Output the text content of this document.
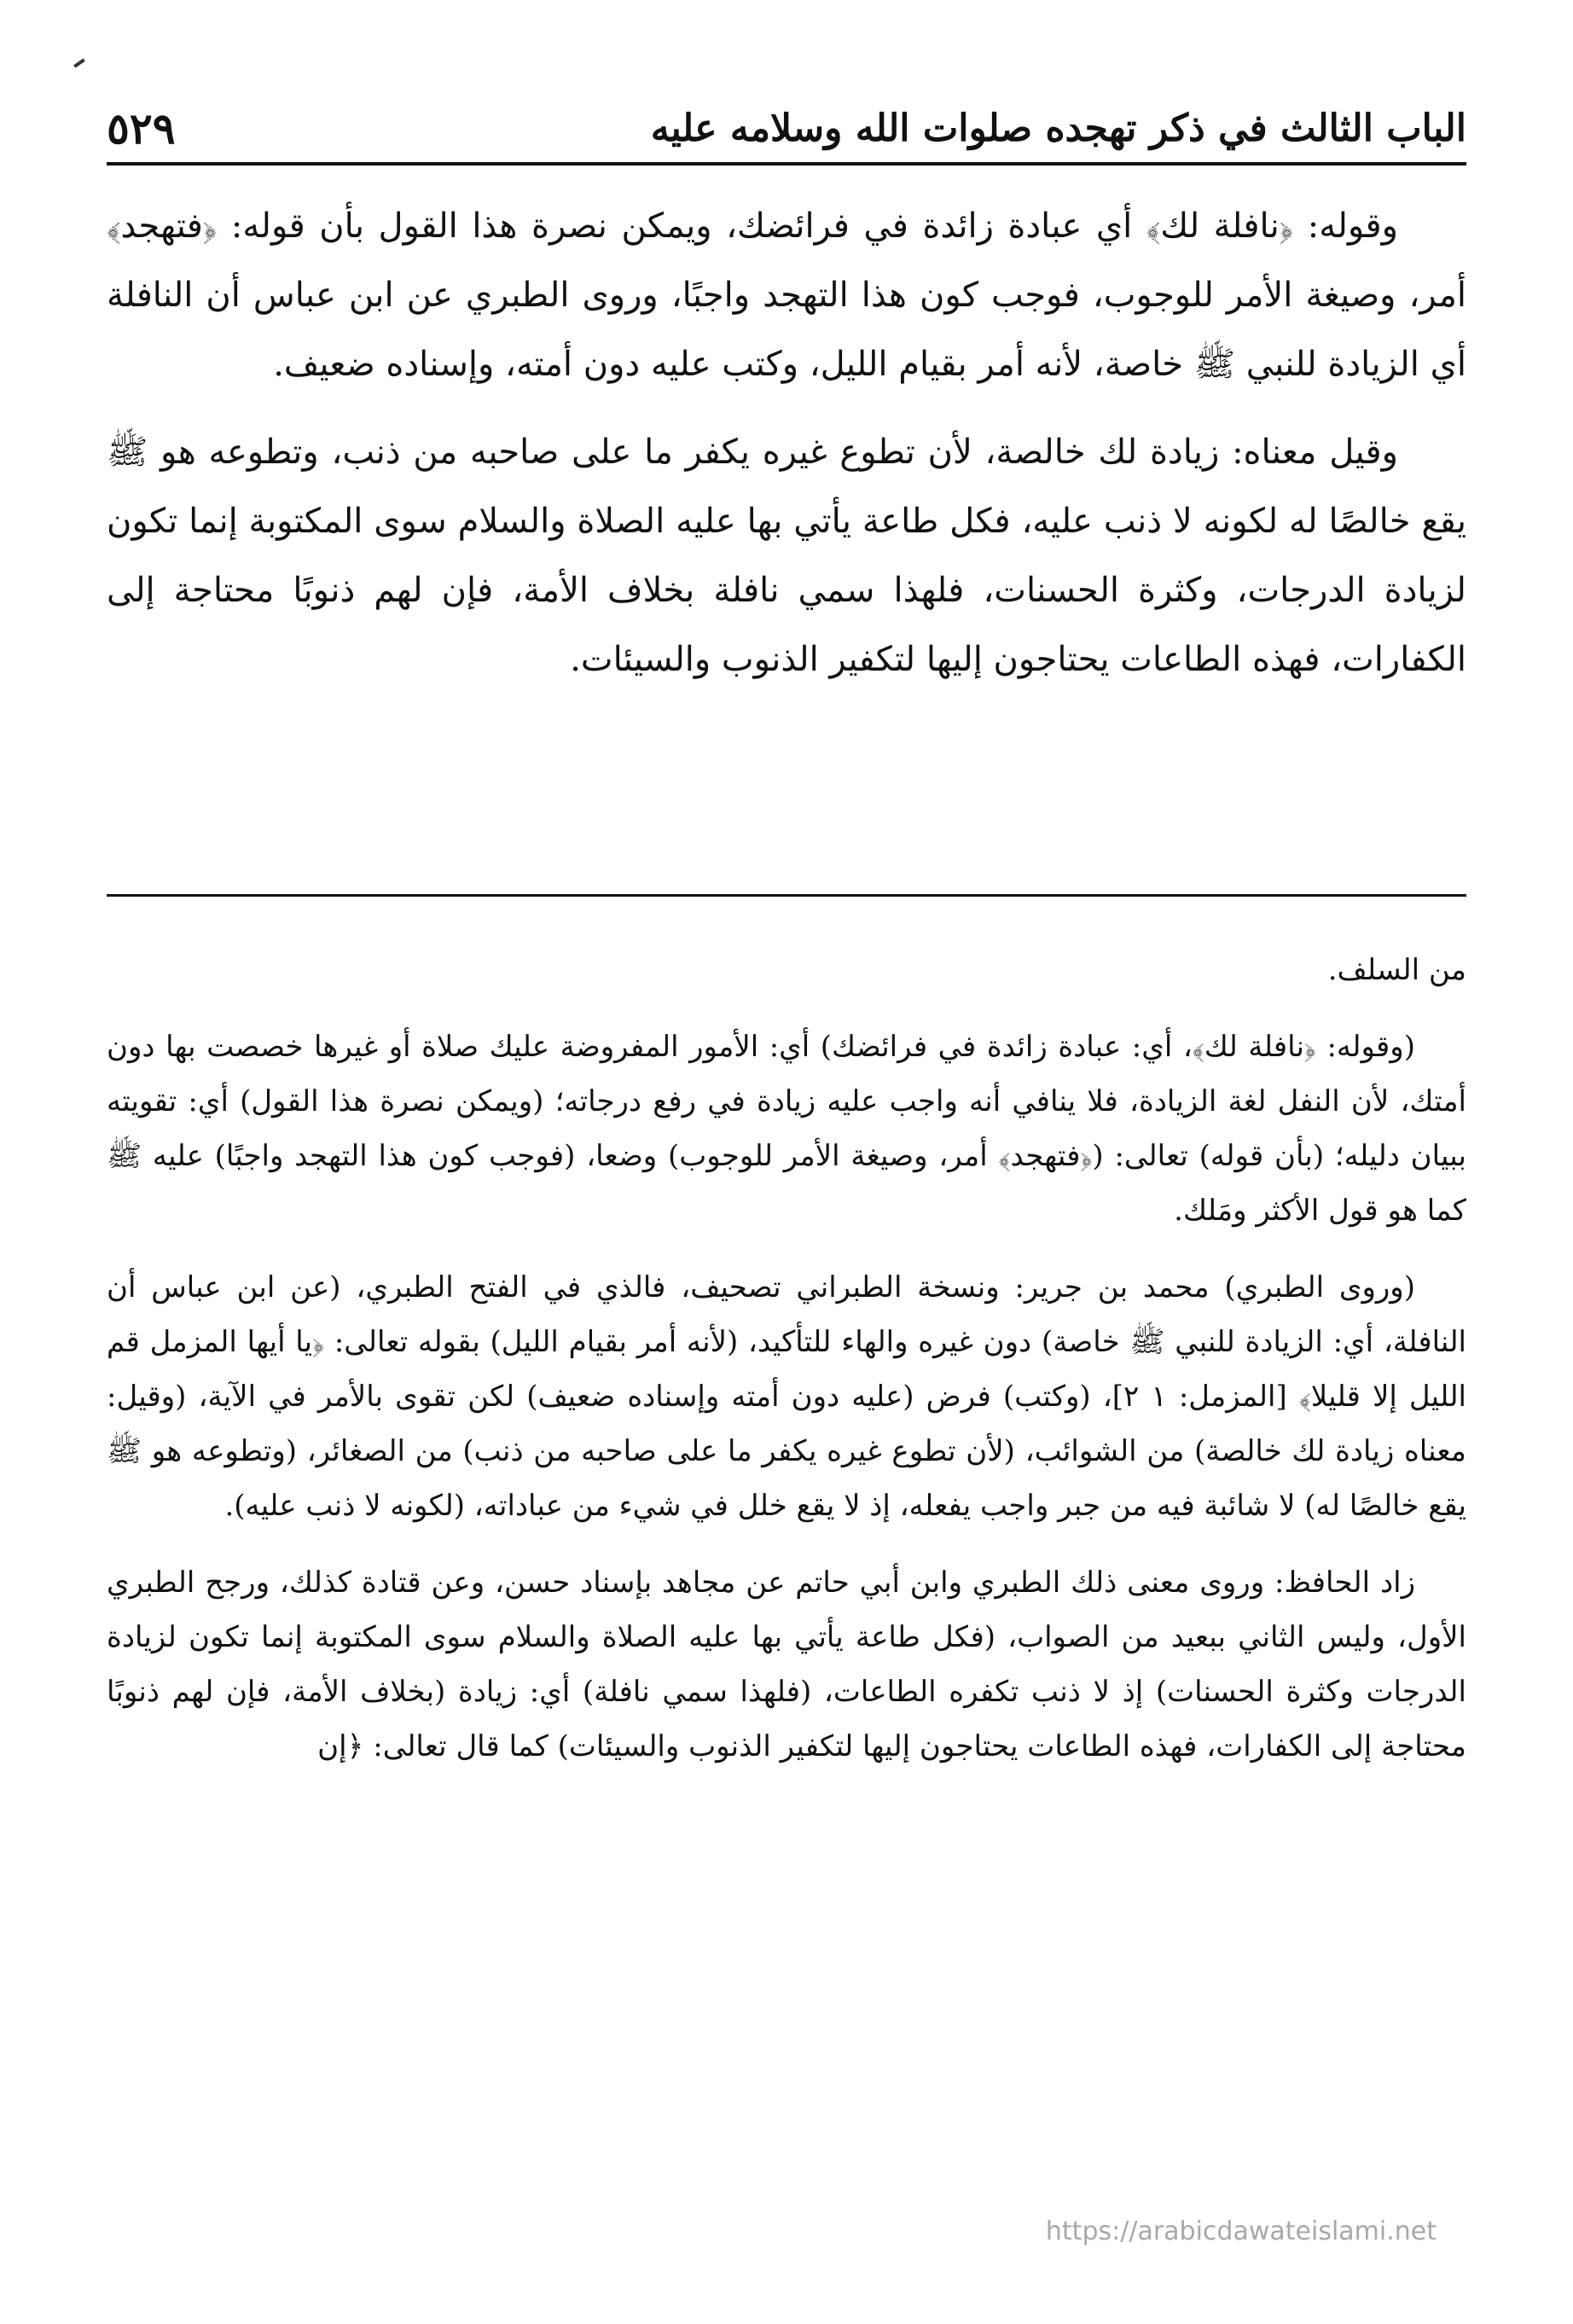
الباب الثالث في ذكر تهجده صلوات الله وسلامه عليه
٥٢٩

وقوله: ﴿نافلة لك﴾ أي عبادة زائدة في فرائضك، ويمكن نصرة هذا القول بأن قوله: ﴿فتهجد﴾ أمر، وصيغة الأمر للوجوب، فوجب كون هذا التهجد واجبًا، وروى الطبري عن ابن عباس أن النافلة أي الزيادة للنبي ﷺ خاصة، لأنه أمر بقيام الليل، وكتب عليه دون أمته، وإسناده ضعيف.

وقيل معناه: زيادة لك خالصة، لأن تطوع غيره يكفر ما على صاحبه من ذنب، وتطوعه هو ﷺ يقع خالصًا له لكونه لا ذنب عليه، فكل طاعة يأتي بها عليه الصلاة والسلام سوى المكتوبة إنما تكون لزيادة الدرجات، وكثرة الحسنات، فلهذا سمي نافلة بخلاف الأمة، فإن لهم ذنوبًا محتاجة إلى الكفارات، فهذه الطاعات يحتاجون إليها لتكفير الذنوب والسيئات.

من السلف.

(وقوله: ﴿نافلة لك﴾، أي: عبادة زائدة في فرائضك) أي: الأمور المفروضة عليك صلاة أو غيرها خصصت بها دون أمتك، لأن النفل لغة الزيادة، فلا ينافي أنه واجب عليه زيادة في رفع درجاته؛ (ويمكن نصرة هذا القول) أي: تقويته ببيان دليله؛ (بأن قوله) تعالى: (﴿فتهجد﴾ أمر، وصيغة الأمر للوجوب) وضعا، (فوجب كون هذا التهجد واجبًا) عليه ﷺ كما هو قول الأكثر ومَلك.

(وروى الطبري) محمد بن جرير: ونسخة الطبراني تصحيف، فالذي في الفتح الطبري، (عن ابن عباس أن النافلة، أي: الزيادة للنبي ﷺ خاصة) دون غيره والهاء للتأكيد، (لأنه أمر بقيام الليل) بقوله تعالى: ﴿يا أيها المزمل قم الليل إلا قليلا﴾ [المزمل: ١ ٢]، (وكتب) فرض (عليه دون أمته وإسناده ضعيف) لكن تقوى بالأمر في الآية، (وقيل: معناه زيادة لك خالصة) من الشوائب، (لأن تطوع غيره يكفر ما على صاحبه من ذنب) من الصغائر، (وتطوعه هو ﷺ يقع خالصًا له) لا شائبة فيه من جبر واجب يفعله، إذ لا يقع خلل في شيء من عباداته، (لكونه لا ذنب عليه).

زاد الحافظ: وروى معنى ذلك الطبري وابن أبي حاتم عن مجاهد بإسناد حسن، وعن قتادة كذلك، ورجح الطبري الأول، وليس الثاني ببعيد من الصواب، (فكل طاعة يأتي بها عليه الصلاة والسلام سوى المكتوبة إنما تكون لزيادة الدرجات وكثرة الحسنات) إذ لا ذنب تكفره الطاعات، (فلهذا سمي نافلة) أي: زيادة (بخلاف الأمة، فإن لهم ذنوبًا محتاجة إلى الكفارات، فهذه الطاعات يحتاجون إليها لتكفير الذنوب والسيئات) كما قال تعالى: ﴿إن

https://arabicdawateislami.net
